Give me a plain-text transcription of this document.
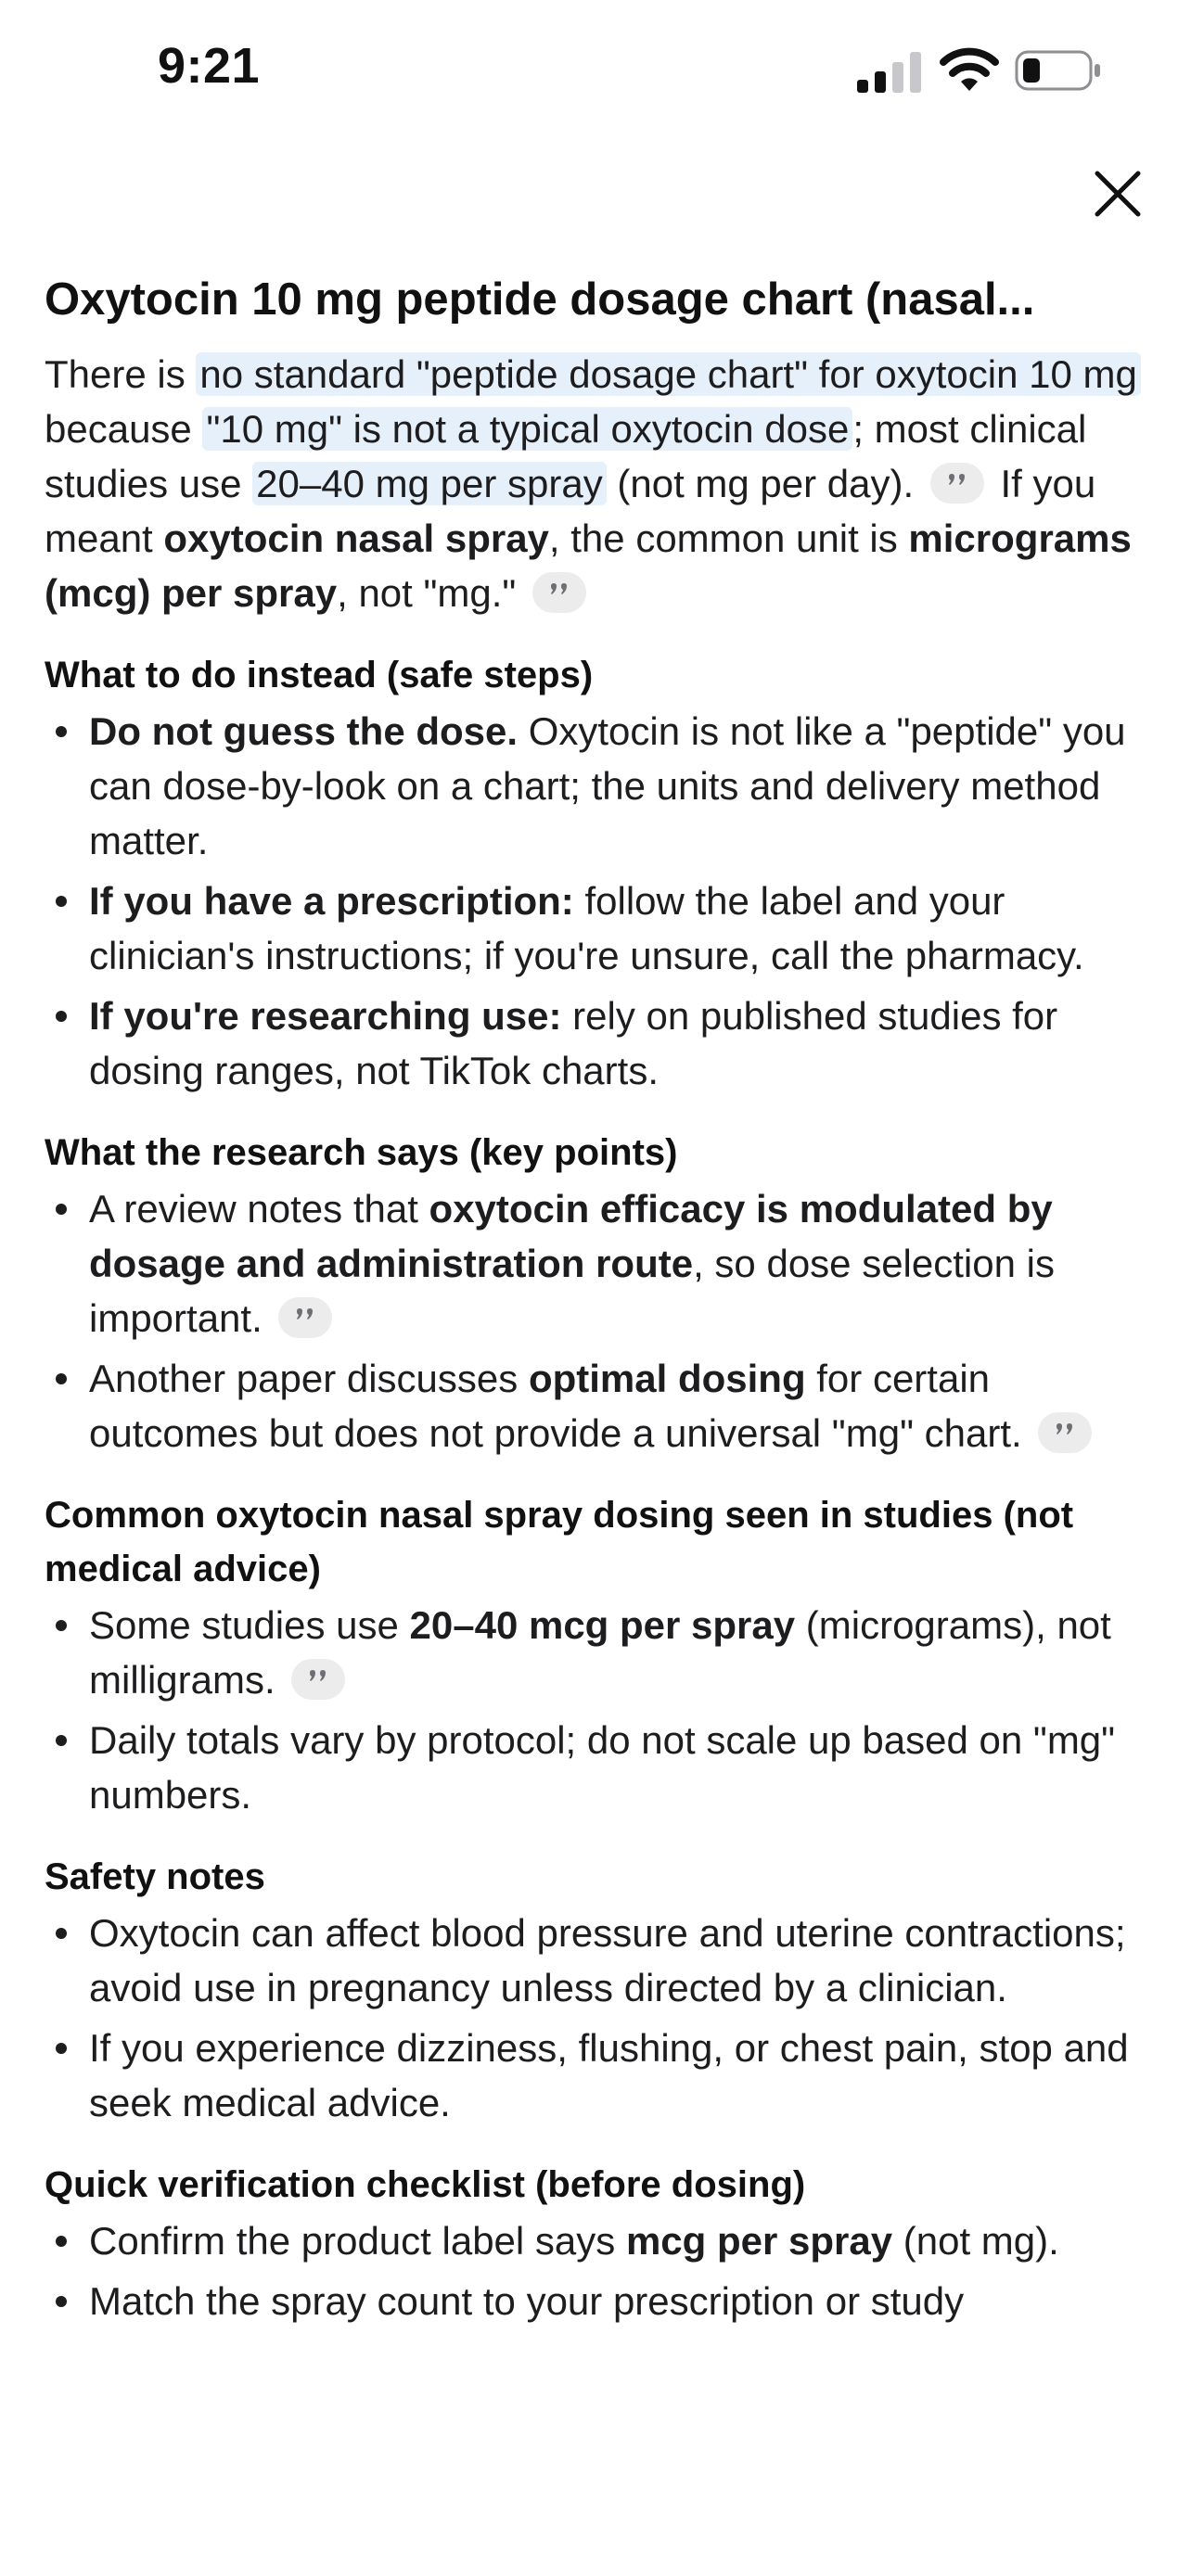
9:21
Oxytocin 10 mg peptide dosage chart (nasal...

There is no standard "peptide dosage chart" for oxytocin 10 mg because "10 mg" is not a typical oxytocin dose; most clinical studies use 20–40 mg per spray (not mg per day).
If you meant oxytocin nasal spray, the common unit is micrograms (mcg) per spray, not "mg."

What to do instead (safe steps)
Do not guess the dose. Oxytocin is not like a "peptide" you can dose-by-look on a chart; the units and delivery method matter.
If you have a prescription: follow the label and your clinician's instructions; if you're unsure, call the pharmacy.
If you're researching use: rely on published studies for dosing ranges, not TikTok charts.
What the research says (key points)
A review notes that oxytocin efficacy is modulated by dosage and administration route, so dose selection is important.
Another paper discusses optimal dosing for certain outcomes but does not provide a universal "mg" chart.
Common oxytocin nasal spray dosing seen in studies (not medical advice)
Some studies use 20–40 mcg per spray (micrograms), not milligrams.
Daily totals vary by protocol; do not scale up based on "mg" numbers.
Safety notes
Oxytocin can affect blood pressure and uterine contractions; avoid use in pregnancy unless directed by a clinician.
If you experience dizziness, flushing, or chest pain, stop and seek medical advice.
Quick verification checklist (before dosing)
Confirm the product label says mcg per spray (not mg).
Match the spray count to your prescription or study
